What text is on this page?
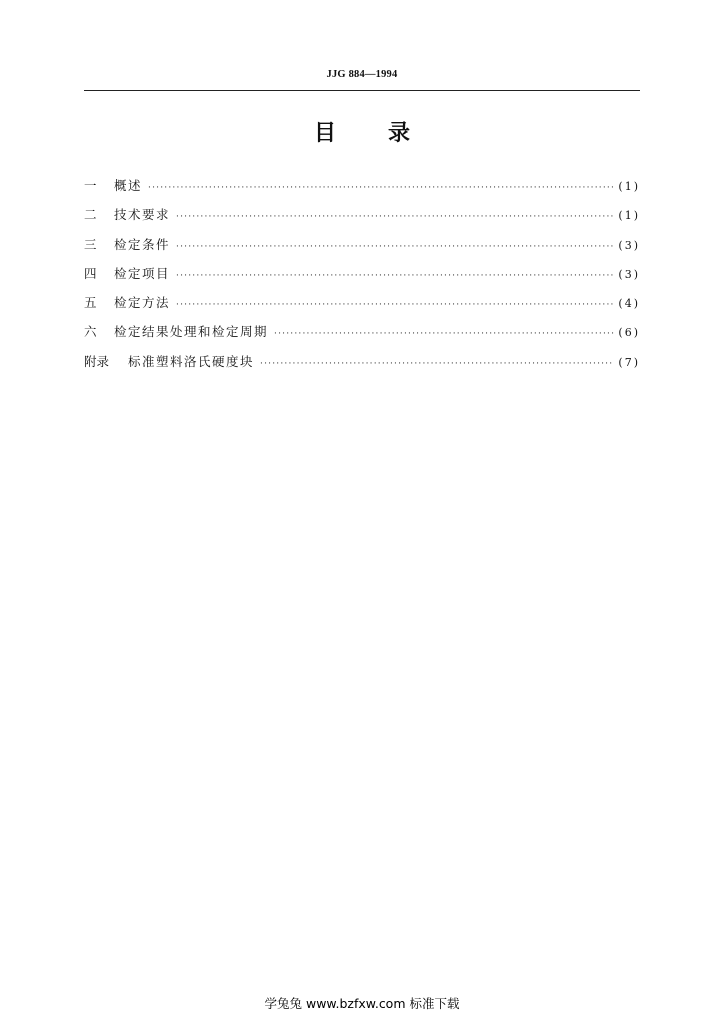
JJG 884—1994
目 录
一	概述 ·····	(1)
二	技术要求 ·····	(1)
三	检定条件 ·····	(3)
四	检定项目 ·····	(3)
五	检定方法 ·····	(4)
六	检定结果处理和检定周期 ·····	(6)
附录	标准塑料洛氏硬度块 ·····	(7)
学兔兔 www.bzfxw.com 标准下载
